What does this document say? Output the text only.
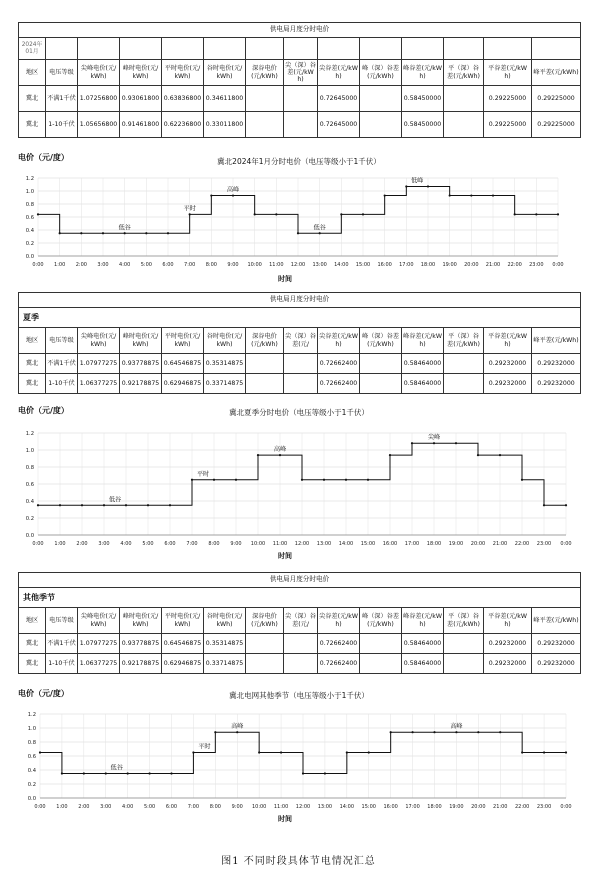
供电局月度分时电价													

2024年
01月													

地区	电压等级	尖峰电价(元/kWh)	峰时电价(元/kWh)	平时电价(元/kWh)	谷时电价(元/kWh)	深谷电价(元/kWh)	尖（深）谷差(元/kWh)	尖谷差(元/kWh)	峰（深）谷差(元/kWh)	峰谷差(元/kWh)	平（深）谷差(元/kWh)	平谷差(元/kWh)	峰平差(元/kWh)
冀北	不满1千伏	1.07256800	0.93061800	0.63836800	0.34611800			0.72645000		0.58450000		0.29225000	0.29225000
冀北	1-10千伏	1.05656800	0.91461800	0.62236800	0.33011800			0.72645000		0.58450000		0.29225000	0.29225000
电价（元/度）	冀北2024年1月分时电价（电压等级小于1千伏）
0.0
0.2
0.4
0.6
0.8
1.0
1.2
0:00 1:00 2:00 3:00 4:00 5:00 6:00 7:00 8:00 9:00 10:00 11:00 12:00 13:00 14:00 15:00 16:00 17:00 18:00 19:00 20:00 21:00 22:00 23:00 0:00
低谷
平时
高峰
低谷
低峰
时间
供电局月度分时电价													
夏季													
地区	电压等级	尖峰电价(元/kWh)	峰时电价(元/kWh)	平时电价(元/kWh)	谷时电价(元/kWh)	深谷电价(元/kWh)	尖（深）谷差(元/	尖谷差(元/kWh)	峰（深）谷差(元/kWh)	峰谷差(元/kWh)	平（深）谷差(元/kWh)	平谷差(元/kWh)	峰平差(元/kWh)
冀北	不满1千伏	1.07977275	0.93778875	0.64546875	0.35314875			0.72662400		0.58464000		0.29232000	0.29232000
冀北	1-10千伏	1.06377275	0.92178875	0.62946875	0.33714875			0.72662400		0.58464000		0.29232000	0.29232000
电价（元/度）	冀北夏季分时电价（电压等级小于1千伏）
0.0
0.2
0.4
0.6
0.8
1.0
1.2
0:00 1:00 2:00 3:00 4:00 5:00 6:00 7:00 8:00 9:00 10:00 11:00 12:00 13:00 14:00 15:00 16:00 17:00 18:00 19:00 20:00 21:00 22:00 23:00 0:00
低谷
平时
高峰
尖峰
时间
供电局月度分时电价													
其他季节													
地区	电压等级	尖峰电价(元/kWh)	峰时电价(元/kWh)	平时电价(元/kWh)	谷时电价(元/kWh)	深谷电价(元/kWh)	尖（深）谷差(元/	尖谷差(元/kWh)	峰（深）谷差(元/kWh)	峰谷差(元/kWh)	平（深）谷差(元/kWh)	平谷差(元/kWh)	峰平差(元/kWh)
冀北	不满1千伏	1.07977275	0.93778875	0.64546875	0.35314875			0.72662400		0.58464000		0.29232000	0.29232000
冀北	1-10千伏	1.06377275	0.92178875	0.62946875	0.33714875			0.72662400		0.58464000		0.29232000	0.29232000
电价（元/度）	冀北电网其他季节（电压等级小于1千伏）
0.0
0.2
0.4
0.6
0.8
1.0
1.2
0:00 1:00 2:00 3:00 4:00 5:00 6:00 7:00 8:00 9:00 10:00 11:00 12:00 13:00 14:00 15:00 16:00 17:00 18:00 19:00 20:00 21:00 22:00 23:00 0:00
低谷
平时
高峰	高峰
时间
图1 不同时段具体节电情况汇总
